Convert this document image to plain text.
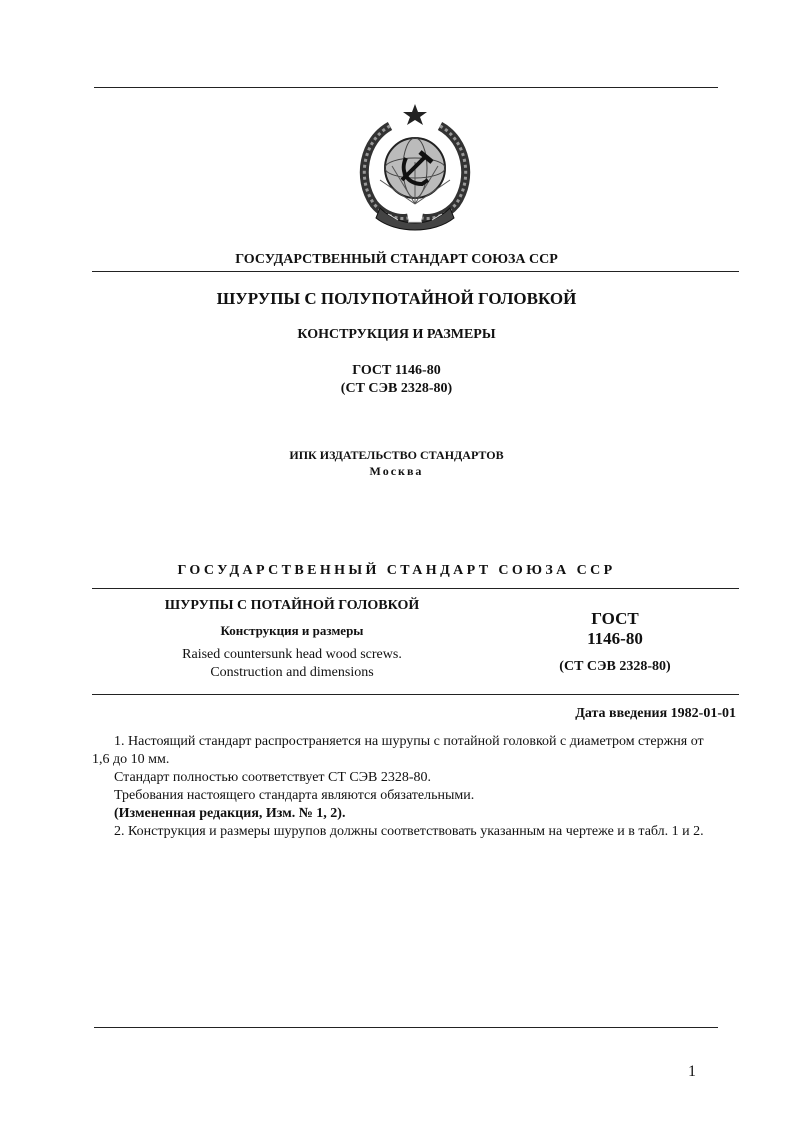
ГОСУДАРСТВЕННЫЙ СТАНДАРТ СОЮЗА ССР
ШУРУПЫ С ПОЛУПОТАЙНОЙ ГОЛОВКОЙ
КОНСТРУКЦИЯ И РАЗМЕРЫ
ГОСТ 1146-80
(СТ СЭВ 2328-80)
ИПК ИЗДАТЕЛЬСТВО СТАНДАРТОВ
Москва
ГОСУДАРСТВЕННЫЙ СТАНДАРТ СОЮЗА ССР
ШУРУПЫ С ПОТАЙНОЙ ГОЛОВКОЙ
Конструкция и размеры
Raised countersunk head wood screws.
Construction and dimensions
ГОСТ
1146-80
(СТ СЭВ 2328-80)
Дата введения 1982-01-01

1. Настоящий стандарт распространяется на шурупы с потайной головкой с диаметром стержня от 1,6 до 10 мм.

Стандарт полностью соответствует СТ СЭВ 2328-80.

Требования настоящего стандарта являются обязательными.

(Измененная редакция, Изм. № 1, 2).

2. Конструкция и размеры шурупов должны соответствовать указанным на чертеже и в табл. 1 и 2.

1
